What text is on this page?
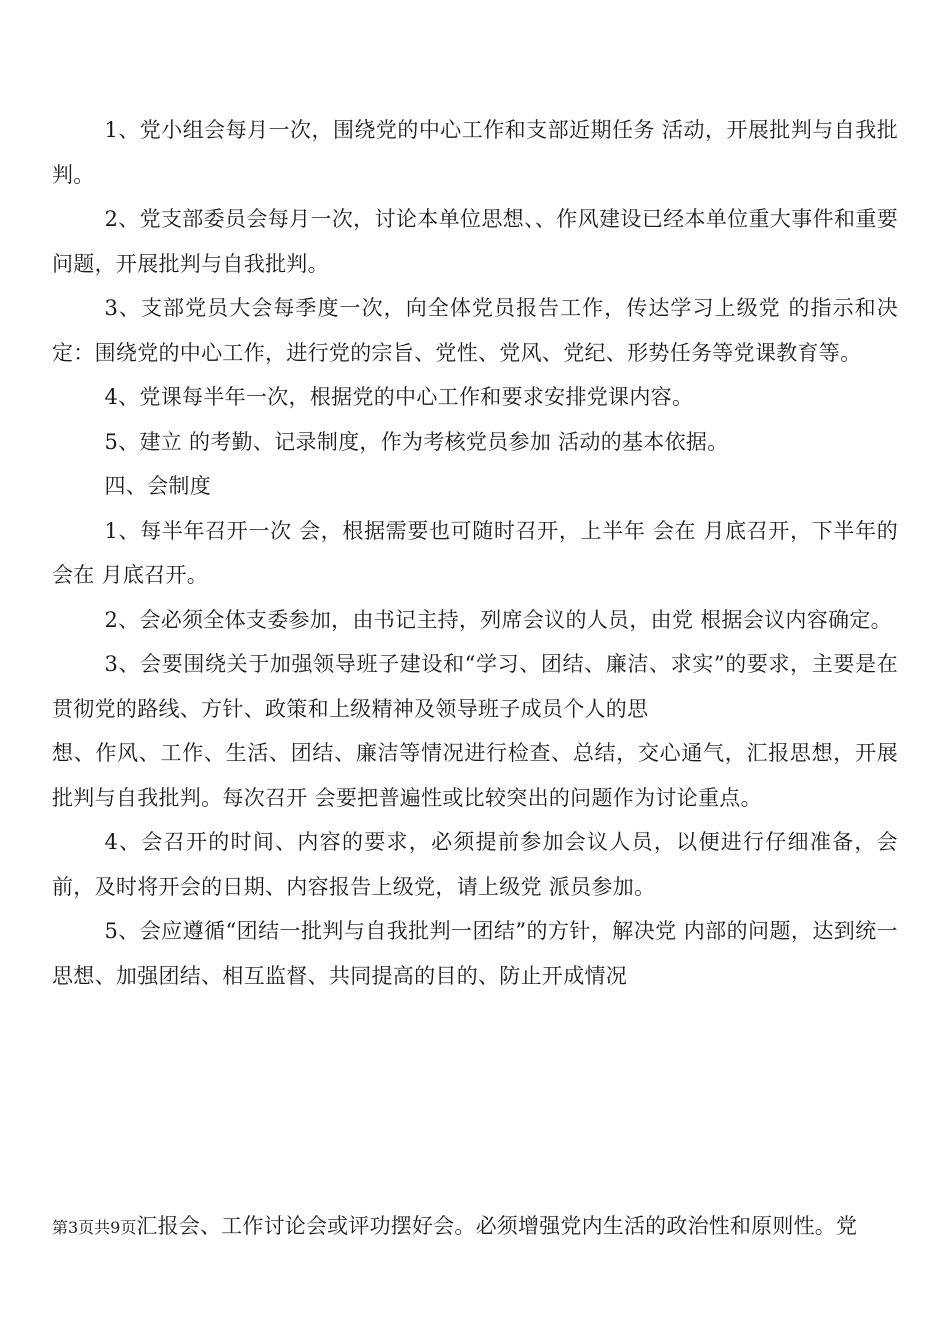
1、党小组会每月一次，围绕党的中心工作和支部近期任务 活动，开展批判与自我批判。

2、党支部委员会每月一次，讨论本单位思想、、作风建设已经本单位重大事件和重要问题，开展批判与自我批判。

3、支部党员大会每季度一次，向全体党员报告工作，传达学习上级党 的指示和决定：围绕党的中心工作，进行党的宗旨、党性、党风、党纪、形势任务等党课教育等。

4、党课每半年一次，根据党的中心工作和要求安排党课内容。

5、建立 的考勤、记录制度，作为考核党员参加 活动的基本依据。

四、会制度

1、每半年召开一次 会，根据需要也可随时召开，上半年 会在 月底召开，下半年的 会在 月底召开。

2、会必须全体支委参加，由书记主持，列席会议的人员，由党 根据会议内容确定。

3、会要围绕关于加强领导班子建设和“学习、团结、廉洁、求实”的要求，主要是在贯彻党的路线、方针、政策和上级精神及领导班子成员个人的思

想、作风、工作、生活、团结、廉洁等情况进行检查、总结，交心通气，汇报思想，开展批判与自我批判。每次召开 会要把普遍性或比较突出的问题作为讨论重点。

4、会召开的时间、内容的要求，必须提前参加会议人员，以便进行仔细准备，会前，及时将开会的日期、内容报告上级党，请上级党 派员参加。

5、会应遵循“团结一批判与自我批判一团结”的方针，解决党 内部的问题，达到统一思想、加强团结、相互监督、共同提高的目的、防止开成情况

第3页共9页汇报会、工作讨论会或评功摆好会。必须增强党内生活的政治性和原则性。党
